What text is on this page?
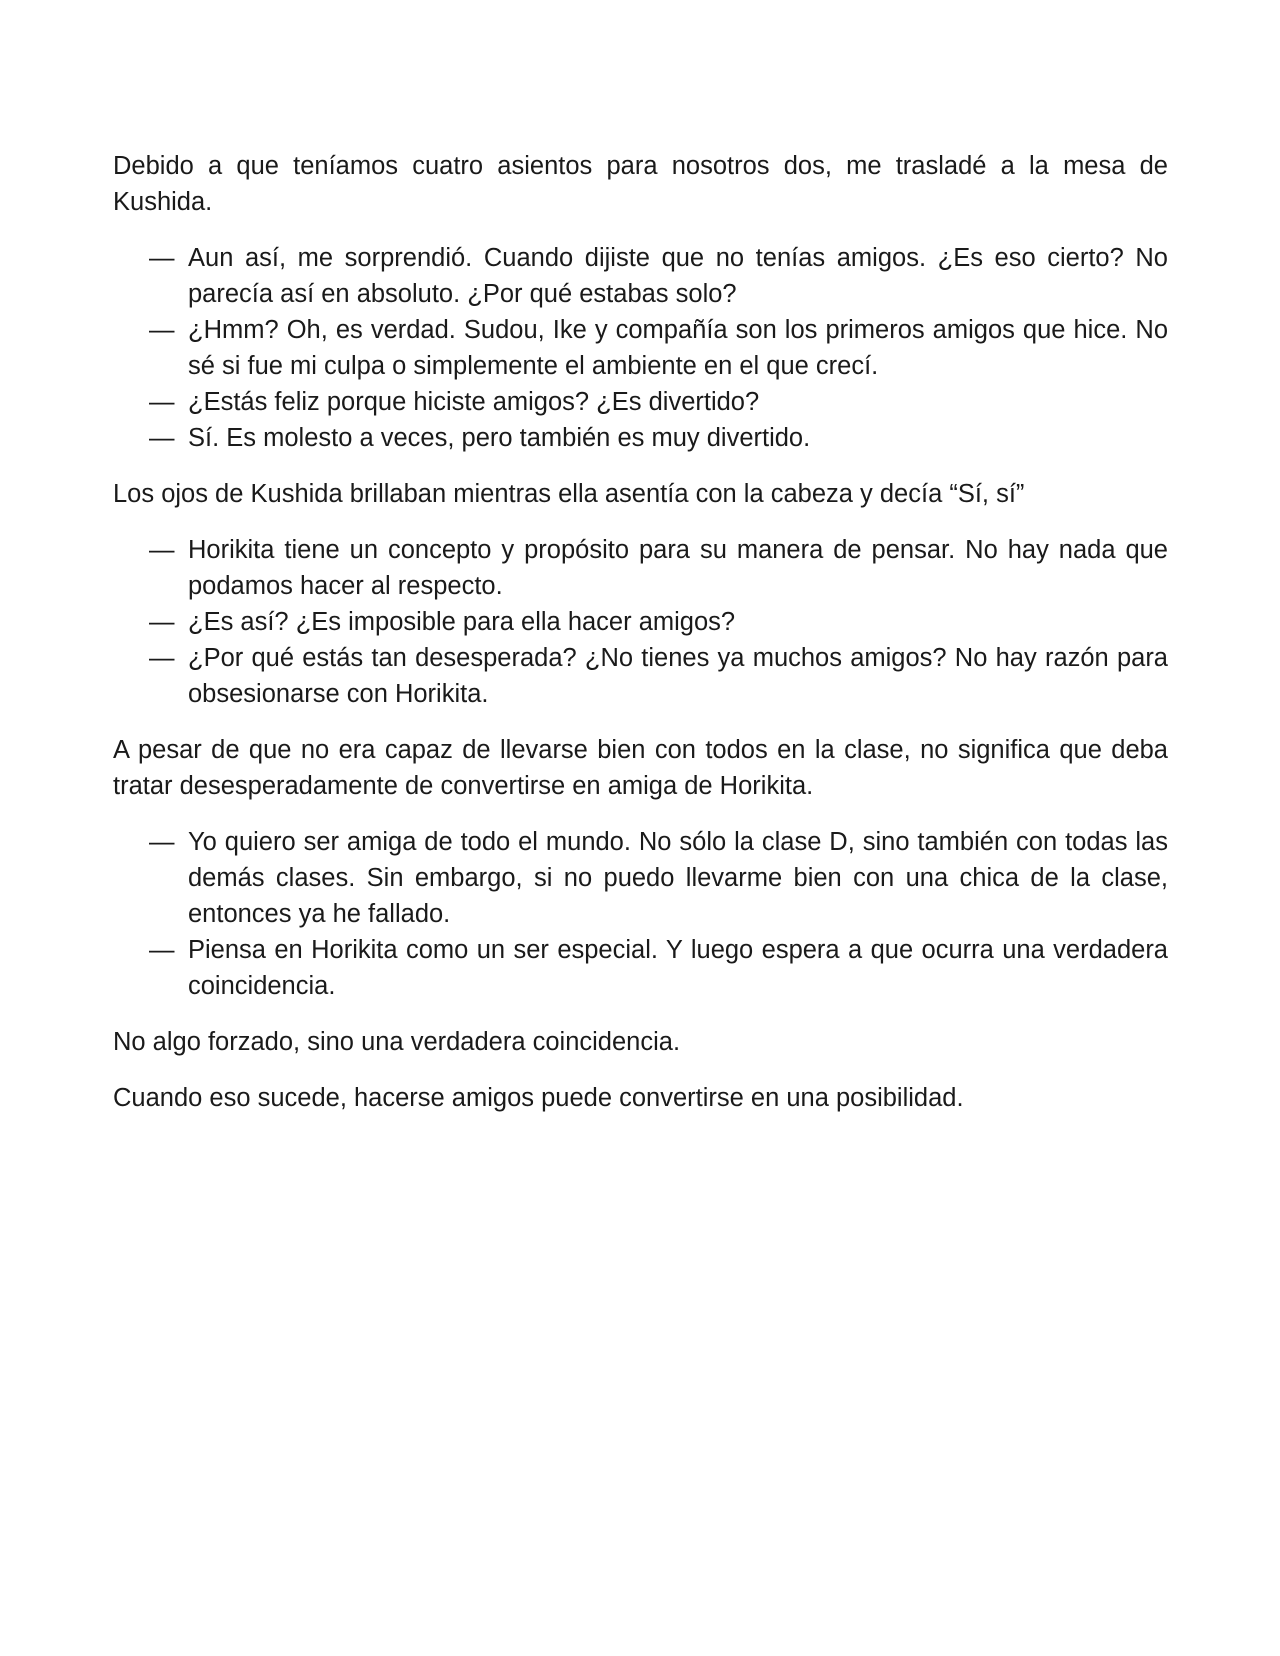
Debido a que teníamos cuatro asientos para nosotros dos, me trasladé a la mesa de Kushida.

— Aun así, me sorprendió. Cuando dijiste que no tenías amigos. ¿Es eso cierto? No parecía así en absoluto. ¿Por qué estabas solo?
— ¿Hmm? Oh, es verdad. Sudou, Ike y compañía son los primeros amigos que hice. No sé si fue mi culpa o simplemente el ambiente en el que crecí.
— ¿Estás feliz porque hiciste amigos? ¿Es divertido?
— Sí. Es molesto a veces, pero también es muy divertido.

Los ojos de Kushida brillaban mientras ella asentía con la cabeza y decía “Sí, sí”

— Horikita tiene un concepto y propósito para su manera de pensar. No hay nada que podamos hacer al respecto.
— ¿Es así? ¿Es imposible para ella hacer amigos?
— ¿Por qué estás tan desesperada? ¿No tienes ya muchos amigos? No hay razón para obsesionarse con Horikita.

A pesar de que no era capaz de llevarse bien con todos en la clase, no significa que deba tratar desesperadamente de convertirse en amiga de Horikita.

— Yo quiero ser amiga de todo el mundo. No sólo la clase D, sino también con todas las demás clases. Sin embargo, si no puedo llevarme bien con una chica de la clase, entonces ya he fallado.
— Piensa en Horikita como un ser especial. Y luego espera a que ocurra una verdadera coincidencia.

No algo forzado, sino una verdadera coincidencia.

Cuando eso sucede, hacerse amigos puede convertirse en una posibilidad.
